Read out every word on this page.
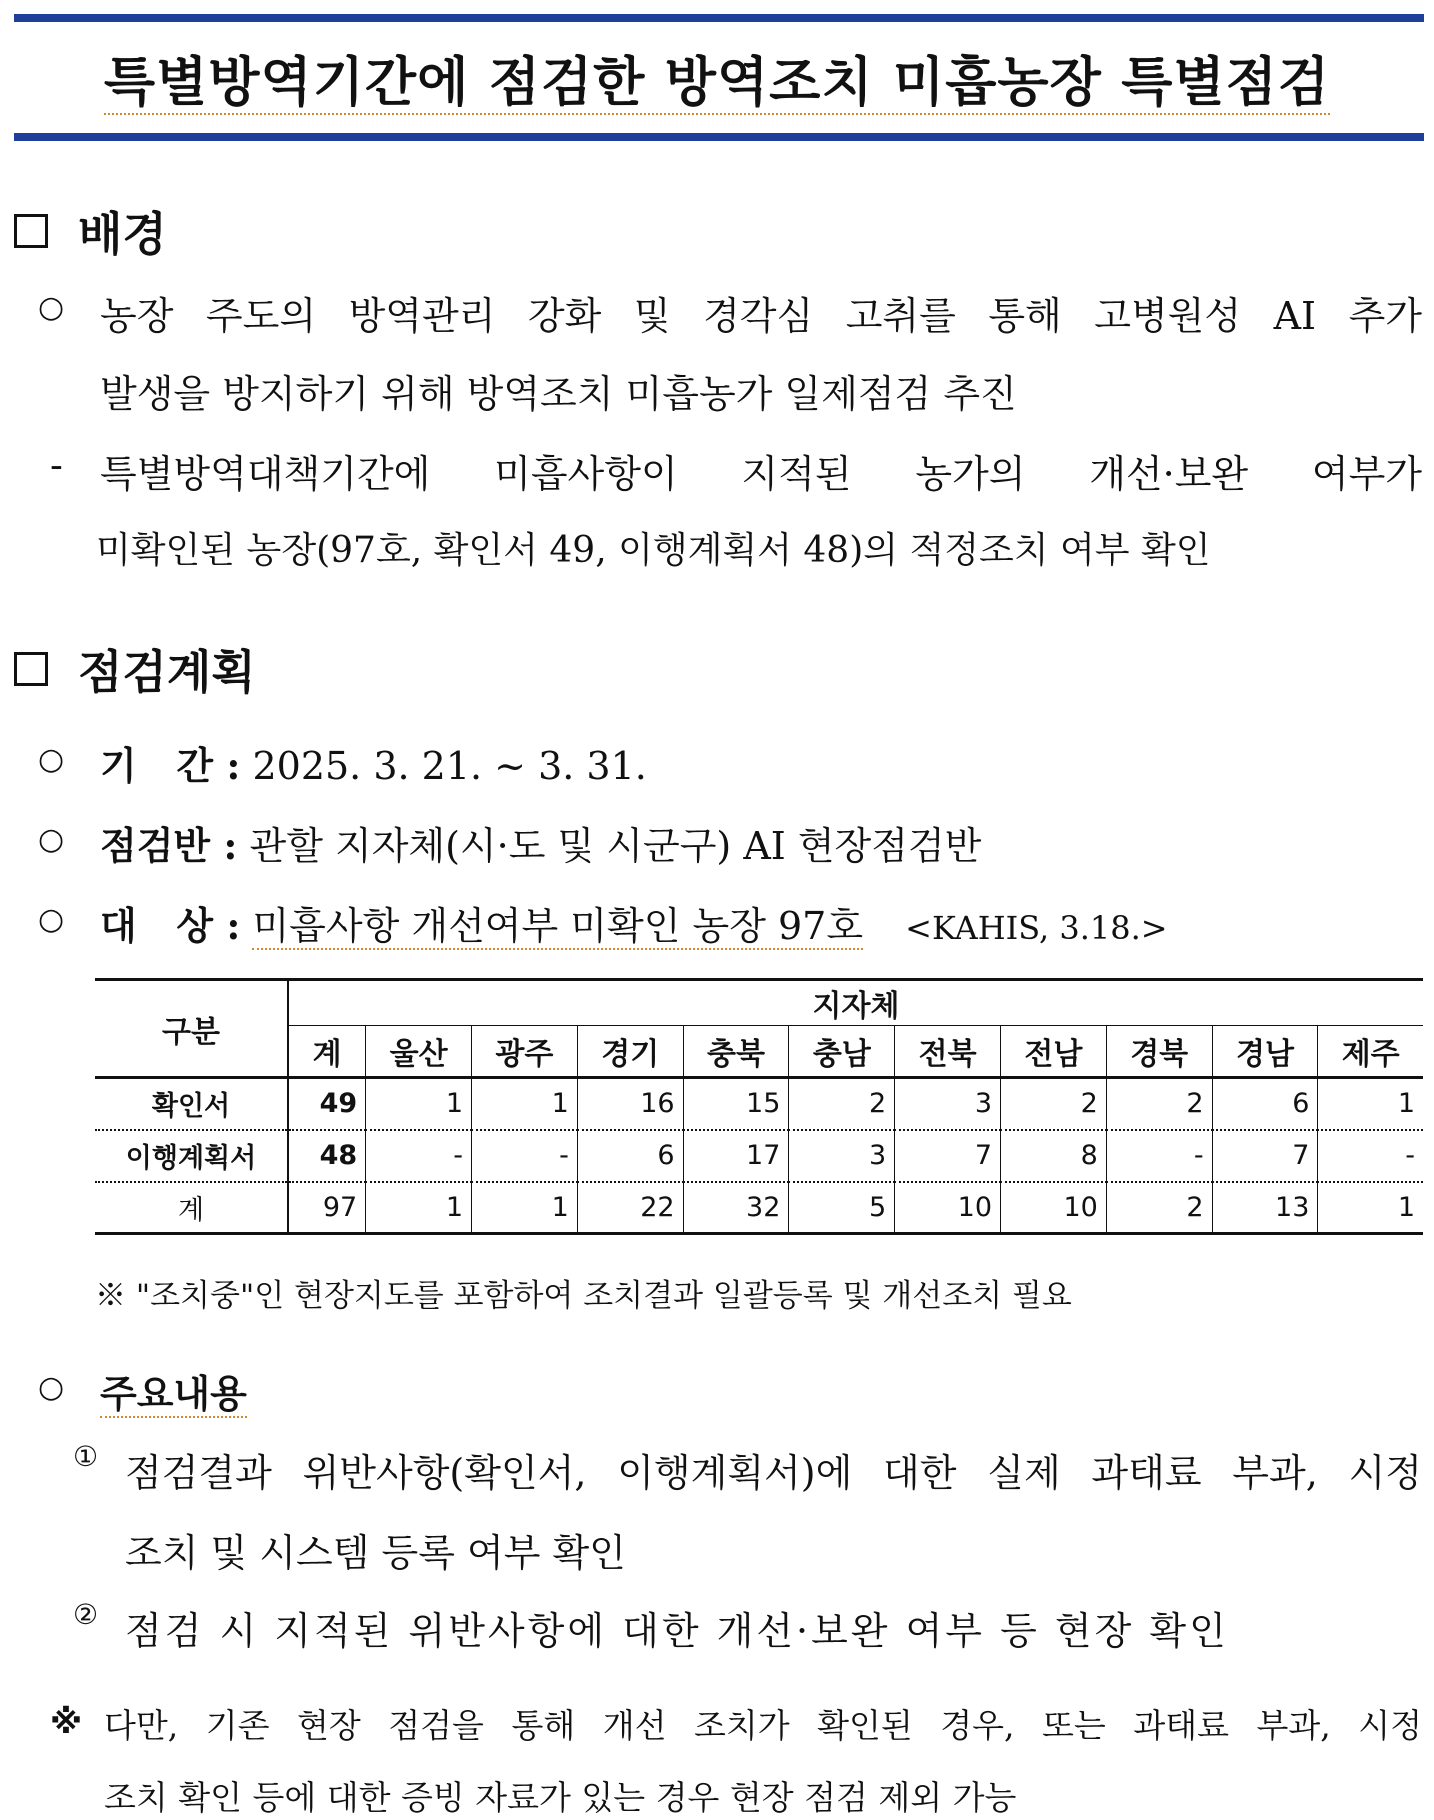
특별방역기간에 점검한 방역조치 미흡농장 특별점검
배경
○ 농장 주도의 방역관리 강화 및 경각심 고취를 통해 고병원성 AI 추가
발생을 방지하기 위해 방역조치 미흡농가 일제점검 추진
- 특별방역대책기간에 미흡사항이 지적된 농가의 개선·보완 여부가
미확인된 농장(97호, 확인서 49, 이행계획서 48)의 적정조치 여부 확인
점검계획
○ 기   간 : 2025. 3. 21. ~ 3. 31.
○ 점검반 : 관할 지자체(시·도 및 시군구) AI 현장점검반
○ 대   상 : 미흡사항 개선여부 미확인 농장 97호 <KAHIS, 3.18.>
구분	지자체										
	계	울산	광주	경기	충북	충남	전북	전남	경북	경남	제주
확인서	49	1	1	16	15	2	3	2	2	6	1
이행계획서	48	-	-	6	17	3	7	8	-	7	-
계	97	1	1	22	32	5	10	10	2	13	1
※ "조치중"인 현장지도를 포함하여 조치결과 일괄등록 및 개선조치 필요
○ 주요내용
① 점검결과 위반사항(확인서, 이행계획서)에 대한 실제 과태료 부과, 시정
조치 및 시스템 등록 여부 확인
② 점검 시 지적된 위반사항에 대한 개선·보완 여부 등 현장 확인
※ 다만, 기존 현장 점검을 통해 개선 조치가 확인된 경우, 또는 과태료 부과, 시정
조치 확인 등에 대한 증빙 자료가 있는 경우 현장 점검 제외 가능
